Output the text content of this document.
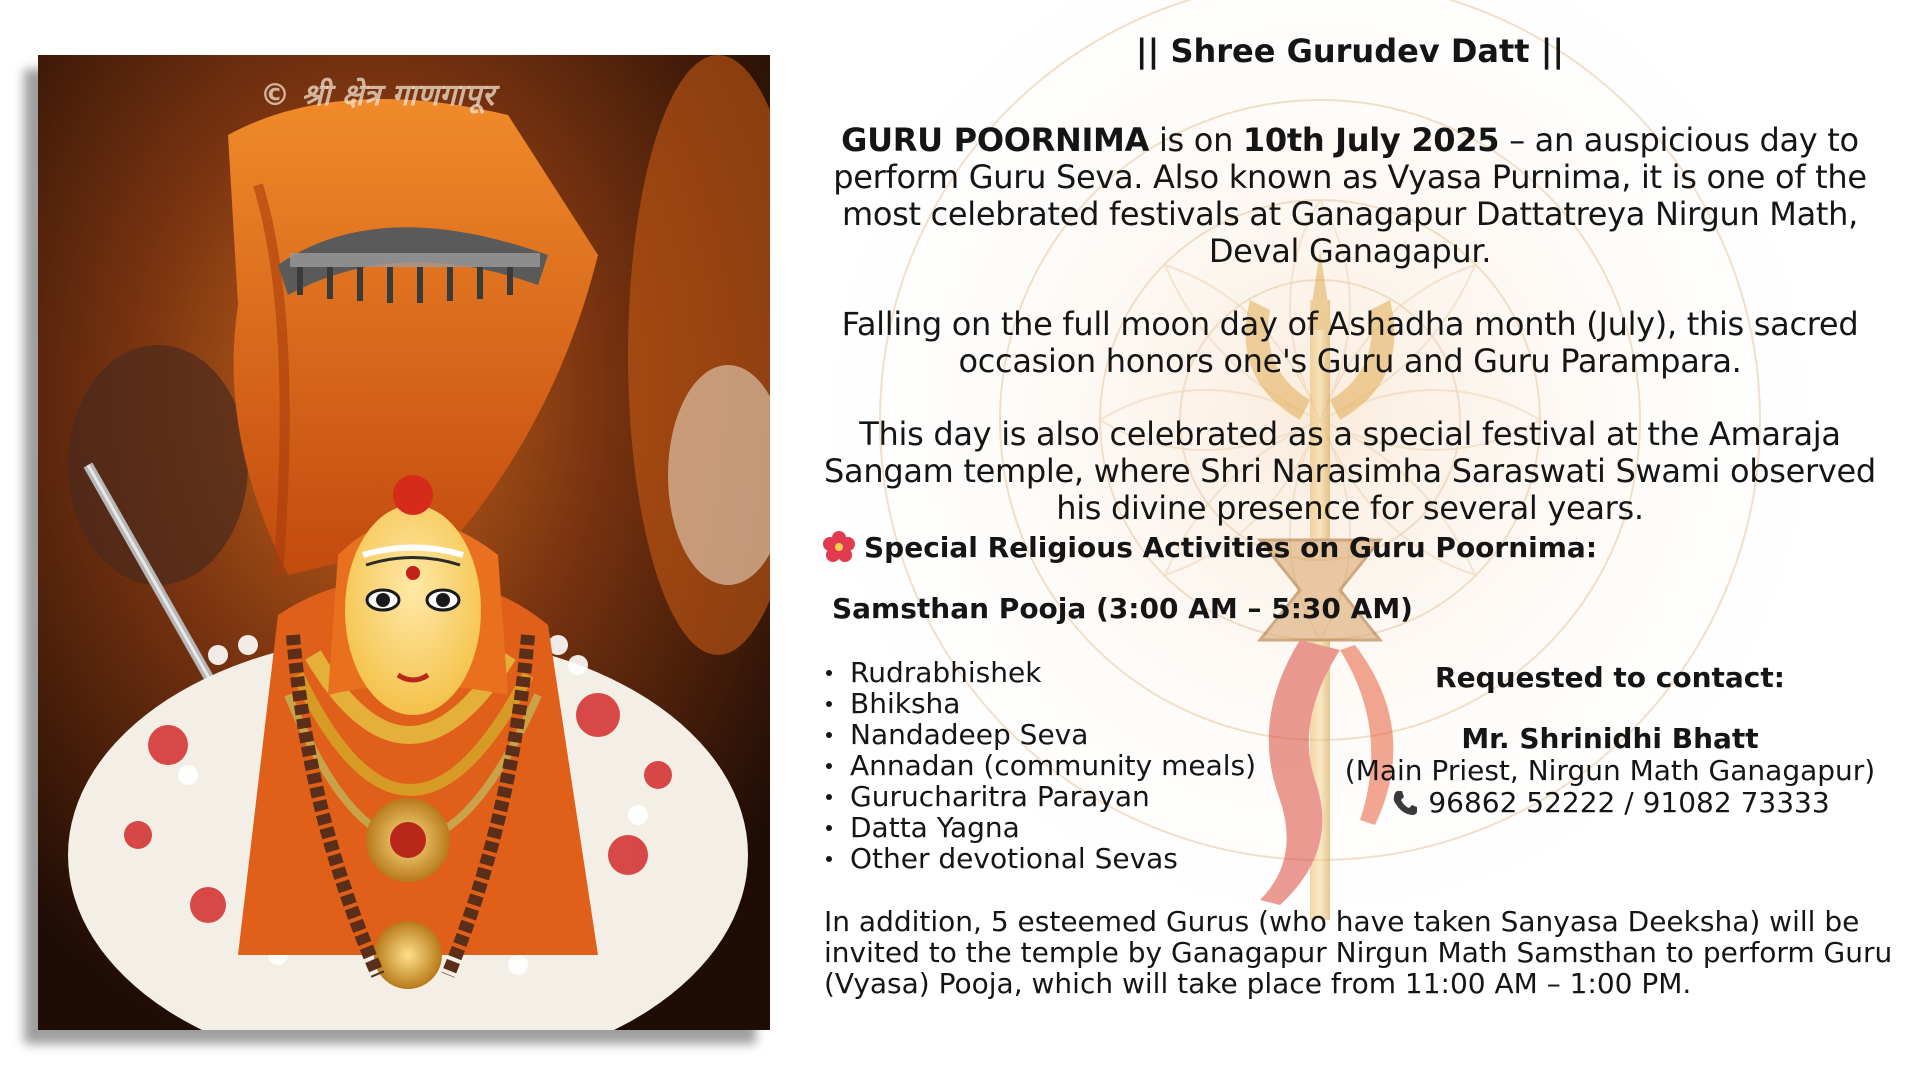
© श्री क्षेत्र गाणगापूर
|| Shree Gurudev Datt ||

GURU POORNIMA is on 10th July 2025 – an auspicious day to perform Guru Seva. Also known as Vyasa Purnima, it is one of the most celebrated festivals at Ganagapur Dattatreya Nirgun Math, Deval Ganagapur.

Falling on the full moon day of Ashadha month (July), this sacred occasion honors one's Guru and Guru Parampara.

This day is also celebrated as a special festival at the Amaraja Sangam temple, where Shri Narasimha Saraswati Swami observed his divine presence for several years.

Special Religious Activities on Guru Poornima:
Samsthan Pooja (3:00 AM – 5:30 AM)
Rudrabhishek
Bhiksha
Nandadeep Seva
Annadan (community meals)
Gurucharitra Parayan
Datta Yagna
Other devotional Sevas
Requested to contact:
Mr. Shrinidhi Bhatt
(Main Priest, Nirgun Math Ganagapur)
96862 52222 / 91082 73333
In addition, 5 esteemed Gurus (who have taken Sanyasa Deeksha) will be invited to the temple by Ganagapur Nirgun Math Samsthan to perform Guru (Vyasa) Pooja, which will take place from 11:00 AM – 1:00 PM.
